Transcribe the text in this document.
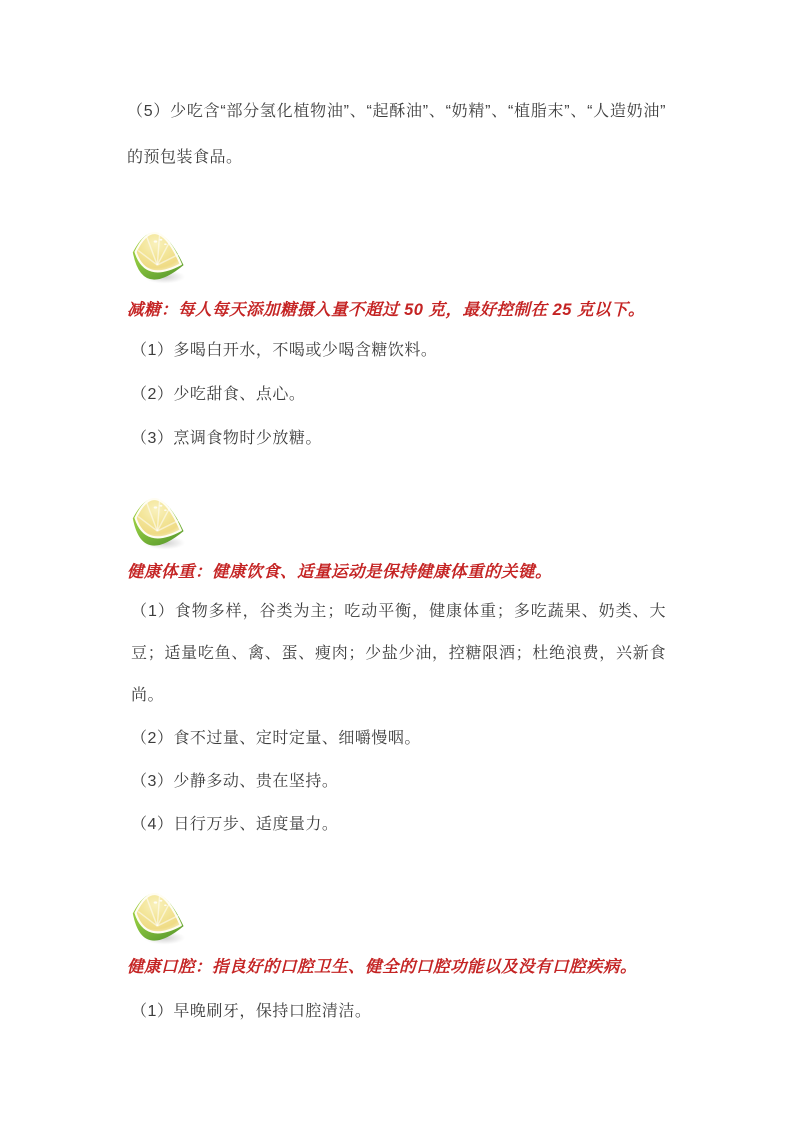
（5）少吃含“部分氢化植物油”、“起酥油”、“奶精”、“植脂末”、“人造奶油”的预包装食品。

减糖：每人每天添加糖摄入量不超过 50 克，最好控制在 25 克以下。

（1）多喝白开水，不喝或少喝含糖饮料。

（2）少吃甜食、点心。

（3）烹调食物时少放糖。

健康体重：健康饮食、适量运动是保持健康体重的关键。

（1）食物多样，谷类为主；吃动平衡，健康体重；多吃蔬果、奶类、大豆；适量吃鱼、禽、蛋、瘦肉；少盐少油，控糖限酒；杜绝浪费，兴新食尚。

（2）食不过量、定时定量、细嚼慢咽。

（3）少静多动、贵在坚持。

（4）日行万步、适度量力。

健康口腔：指良好的口腔卫生、健全的口腔功能以及没有口腔疾病。

（1）早晚刷牙，保持口腔清洁。
